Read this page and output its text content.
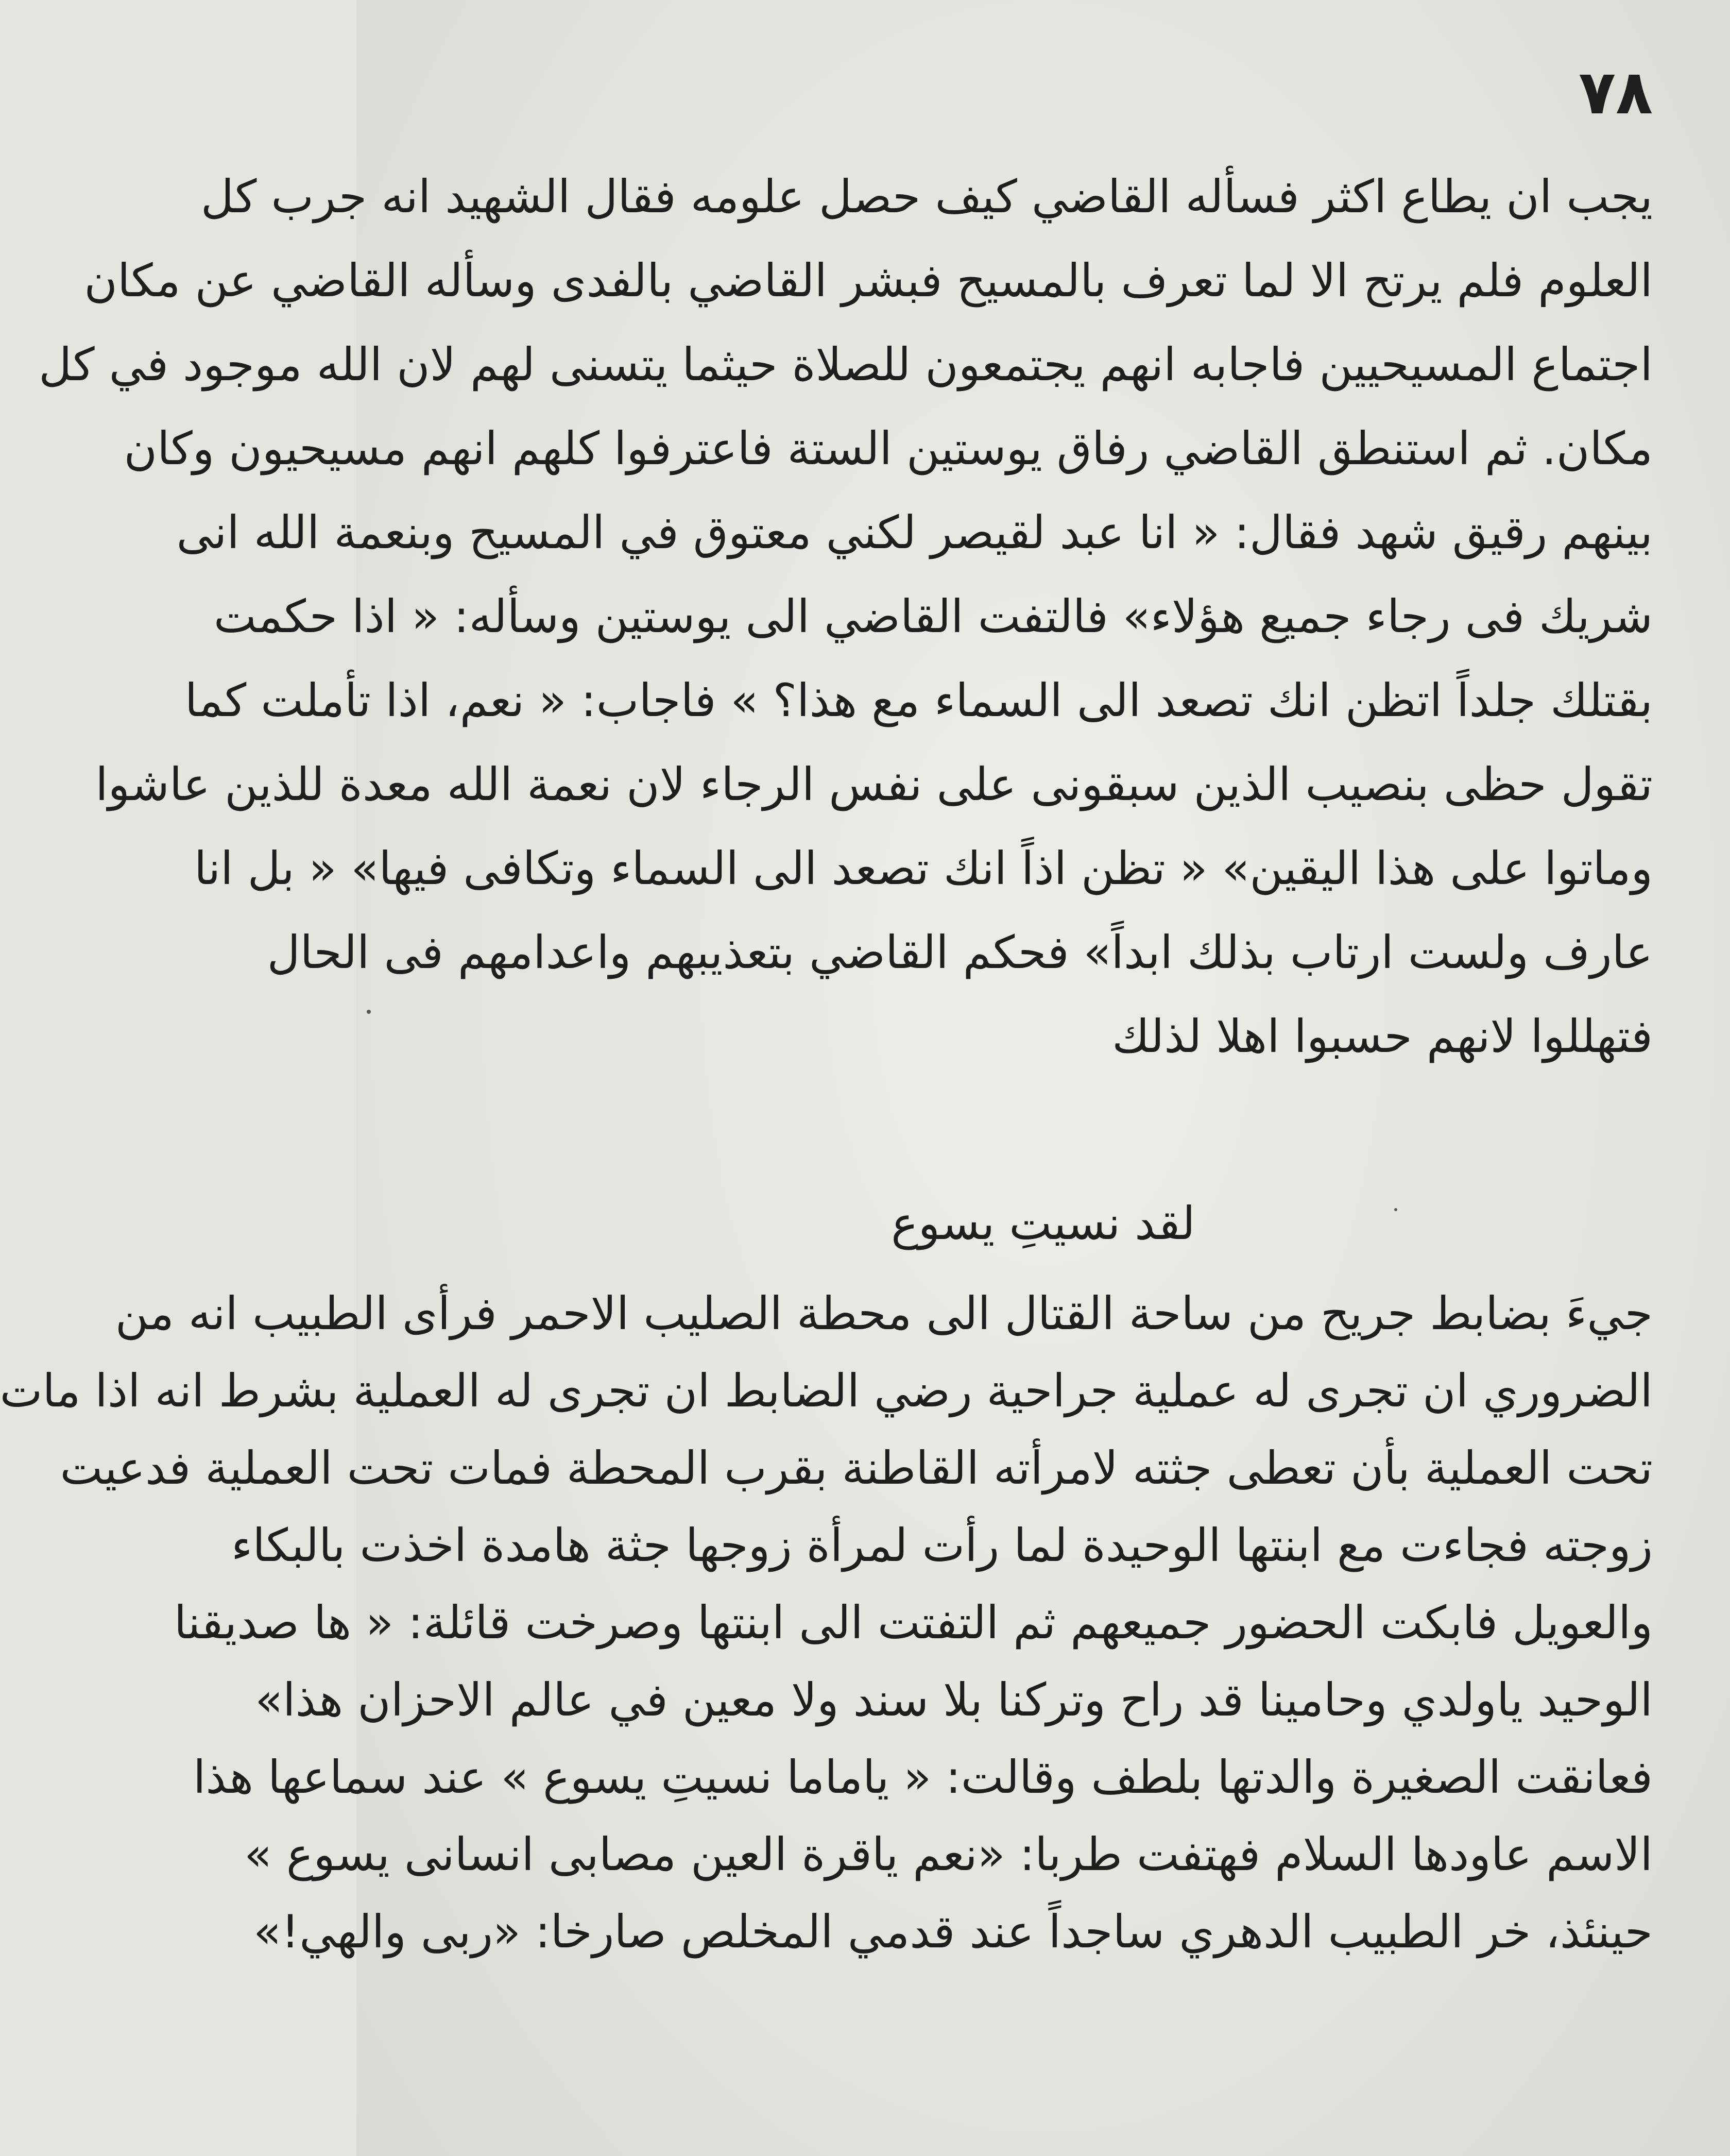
٧٨
يجب ان يطاع اكثر فسأله القاضي كيف حصل علومه فقال الشهيد انه جرب كل
العلوم فلم يرتح الا لما تعرف بالمسيح فبشر القاضي بالفدى وسأله القاضي عن مكان
اجتماع المسيحيين فاجابه انهم يجتمعون للصلاة حيثما يتسنى لهم لان الله موجود في كل
مكان. ثم استنطق القاضي رفاق يوستين الستة فاعترفوا كلهم انهم مسيحيون وكان
بينهم رقيق شهد فقال: « انا عبد لقيصر لكني معتوق في المسيح وبنعمة الله انى
شريك فى رجاء جميع هؤلاء» فالتفت القاضي الى يوستين وسأله: « اذا حكمت
بقتلك جلداً اتظن انك تصعد الى السماء مع هذا؟ » فاجاب: « نعم، اذا تأملت كما
تقول حظى بنصيب الذين سبقونى على نفس الرجاء لان نعمة الله معدة للذين عاشوا
وماتوا على هذا اليقين» « تظن اذاً انك تصعد الى السماء وتكافى فيها» « بل انا
عارف ولست ارتاب بذلك ابداً» فحكم القاضي بتعذيبهم واعدامهم فى الحال
فتهللوا لانهم حسبوا اهلا لذلك
لقد نسيتِ يسوع
جيءَ بضابط جريح من ساحة القتال الى محطة الصليب الاحمر فرأى الطبيب انه من
الضروري ان تجرى له عملية جراحية رضي الضابط ان تجرى له العملية بشرط انه اذا مات
تحت العملية بأن تعطى جثته لامرأته القاطنة بقرب المحطة فمات تحت العملية فدعيت
زوجته فجاءت مع ابنتها الوحيدة لما رأت لمرأة زوجها جثة هامدة اخذت بالبكاء
والعويل فابكت الحضور جميعهم ثم التفتت الى ابنتها وصرخت قائلة: « ها صديقنا
الوحيد ياولدي وحامينا قد راح وتركنا بلا سند ولا معين في عالم الاحزان هذا»
فعانقت الصغيرة والدتها بلطف وقالت: « ياماما نسيتِ يسوع » عند سماعها هذا
الاسم عاودها السلام فهتفت طربا: «نعم ياقرة العين مصابى انسانى يسوع »
حينئذ، خر الطبيب الدهري ساجداً عند قدمي المخلص صارخا: «ربى والهي!»
